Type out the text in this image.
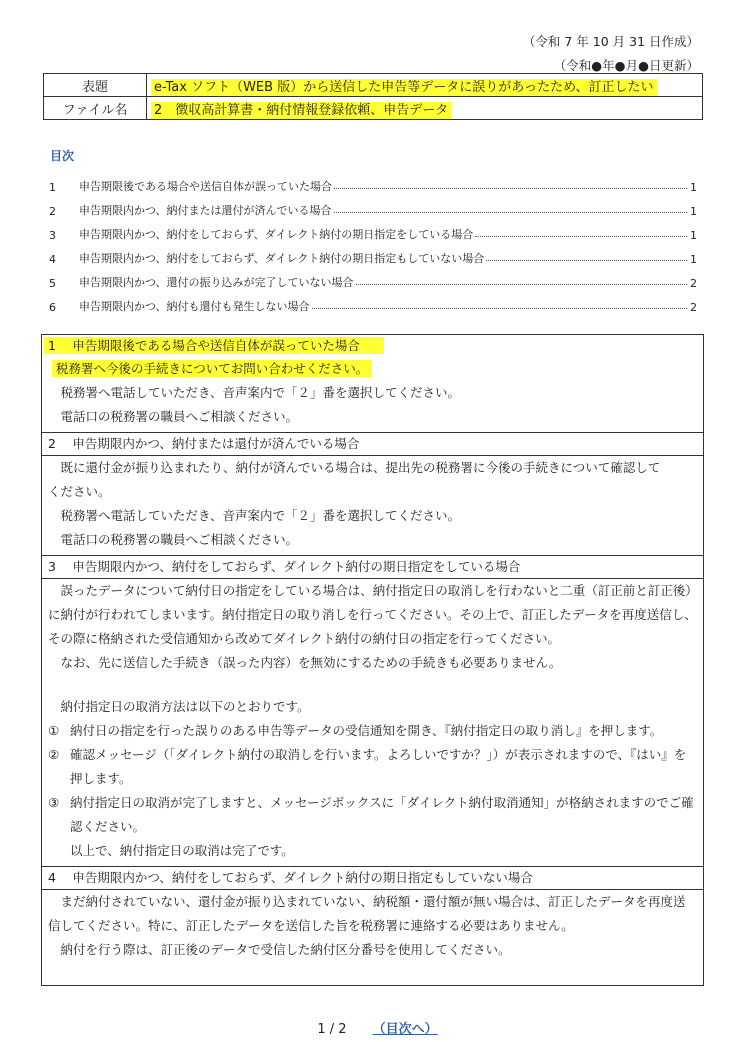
（令和 7 年 10 月 31 日作成）
（令和●年●月●日更新）
表題	e-Tax ソフト（WEB 版）から送信した申告等データに誤りがあったため、訂正したい
ファイル名	2　徴収高計算書・納付情報登録依頼、申告データ
目次
1	申告期限後である場合や送信自体が誤っていた場合	1
2	申告期限内かつ、納付または還付が済んでいる場合	1
3	申告期限内かつ、納付をしておらず、ダイレクト納付の期日指定をしている場合	1
4	申告期限内かつ、納付をしておらず、ダイレクト納付の期日指定もしていない場合	1
5	申告期限内かつ、還付の振り込みが完了していない場合	2
6	申告期限内かつ、納付も還付も発生しない場合	2
1　 申告期限後である場合や送信自体が誤っていた場合

税務署へ今後の手続きについてお問い合わせください。

税務署へ電話していただき、音声案内で「２」番を選択してください。

電話口の税務署の職員へご相談ください。

2　 申告期限内かつ、納付または還付が済んでいる場合

既に還付金が振り込まれたり、納付が済んでいる場合は、提出先の税務署に今後の手続きについて確認して

ください。

税務署へ電話していただき、音声案内で「２」番を選択してください。

電話口の税務署の職員へご相談ください。

3　 申告期限内かつ、納付をしておらず、ダイレクト納付の期日指定をしている場合

誤ったデータについて納付日の指定をしている場合は、納付指定日の取消しを行わないと二重（訂正前と訂正後）に納付が行われてしまいます。納付指定日の取り消しを行ってください。その上で、訂正したデータを再度送信し、その際に格納された受信通知から改めてダイレクト納付の納付日の指定を行ってください。

なお、先に送信した手続き（誤った内容）を無効にするための手続きも必要ありません。

納付指定日の取消方法は以下のとおりです。

① 納付日の指定を行った誤りのある申告等データの受信通知を開き、『納付指定日の取り消し』を押します。
② 確認メッセージ（「ダイレクト納付の取消しを行います。よろしいですか？」）が表示されますので、『はい』を押します。
③ 納付指定日の取消が完了しますと、メッセージボックスに「ダイレクト納付取消通知」が格納されますのでご確認ください。

以上で、納付指定日の取消は完了です。

4　 申告期限内かつ、納付をしておらず、ダイレクト納付の期日指定もしていない場合

まだ納付されていない、還付金が振り込まれていない、納税額・還付額が無い場合は、訂正したデータを再度送信してください。特に、訂正したデータを送信した旨を税務署に連絡する必要はありません。

納付を行う際は、訂正後のデータで受信した納付区分番号を使用してください。

1 / 2 （目次へ）
